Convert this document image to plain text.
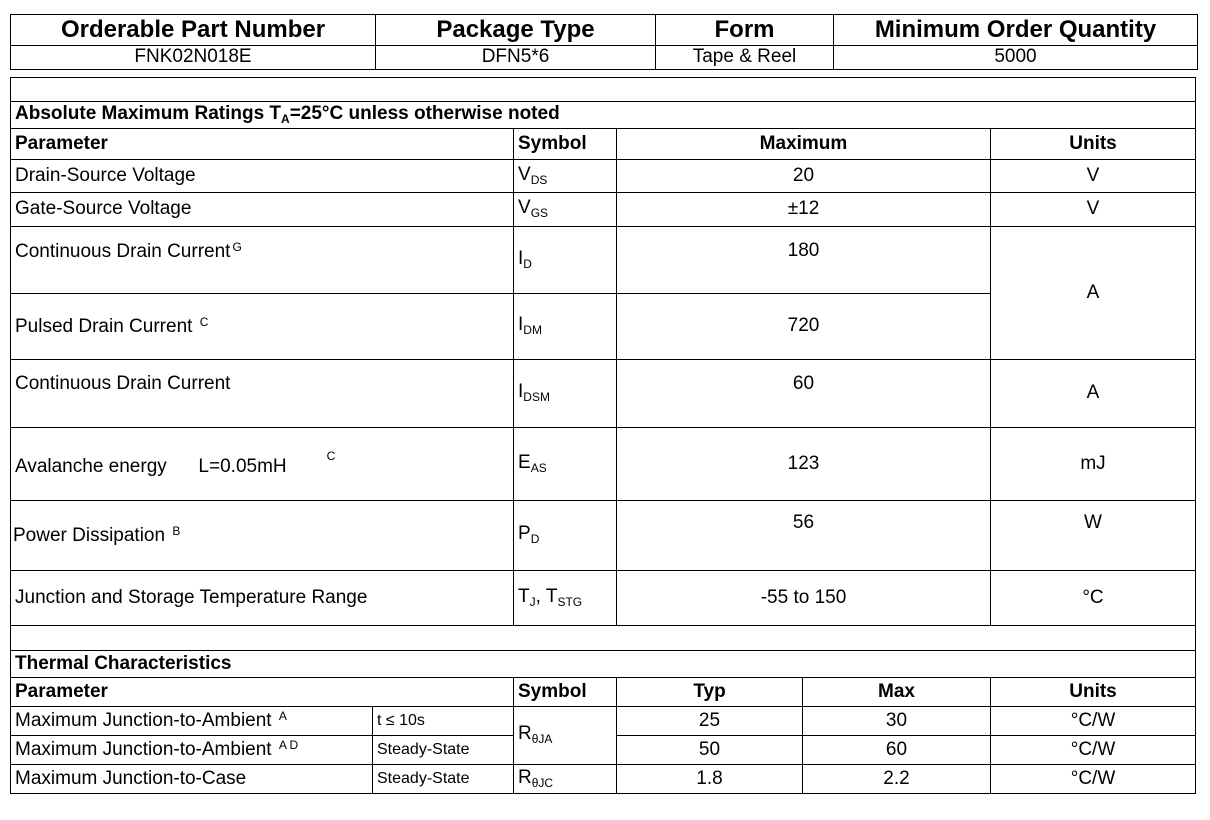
Orderable Part Number	Package Type	Form	Minimum Order Quantity
FNK02N018E	DFN5*6	Tape & Reel	5000

Absolute Maximum Ratings $T_A=25^\circ C$ unless otherwise noted					
Parameter		Symbol	Maximum		Units
Drain-Source Voltage		$V_{DS}$	20		V
Gate-Source Voltage		$V_{GS}$	±12		V
Continuous Drain Current $^G$		$I_D$	180		A
Pulsed Drain Current $^C$		$I_{DM}$	720		
Continuous Drain Current		$I_{DSM}$	60		A
Avalanche energy      L=0.05mH $^C$		$E_{AS}$	123		mJ
Power Dissipation $^B$		$P_D$	56		W
Junction and Storage Temperature Range		$T_J$, $T_{STG}$	-55 to 150		°C

Thermal Characteristics					
Parameter		Symbol	Typ	Max	Units
Maximum Junction-to-Ambient $^A$	t ≤ 10s	$R_{\theta JA}$	25	30	°C/W
Maximum Junction-to-Ambient $^{A D}$	Steady-State		50	60	°C/W
Maximum Junction-to-Case	Steady-State	$R_{\theta JC}$	1.8	2.2	°C/W
